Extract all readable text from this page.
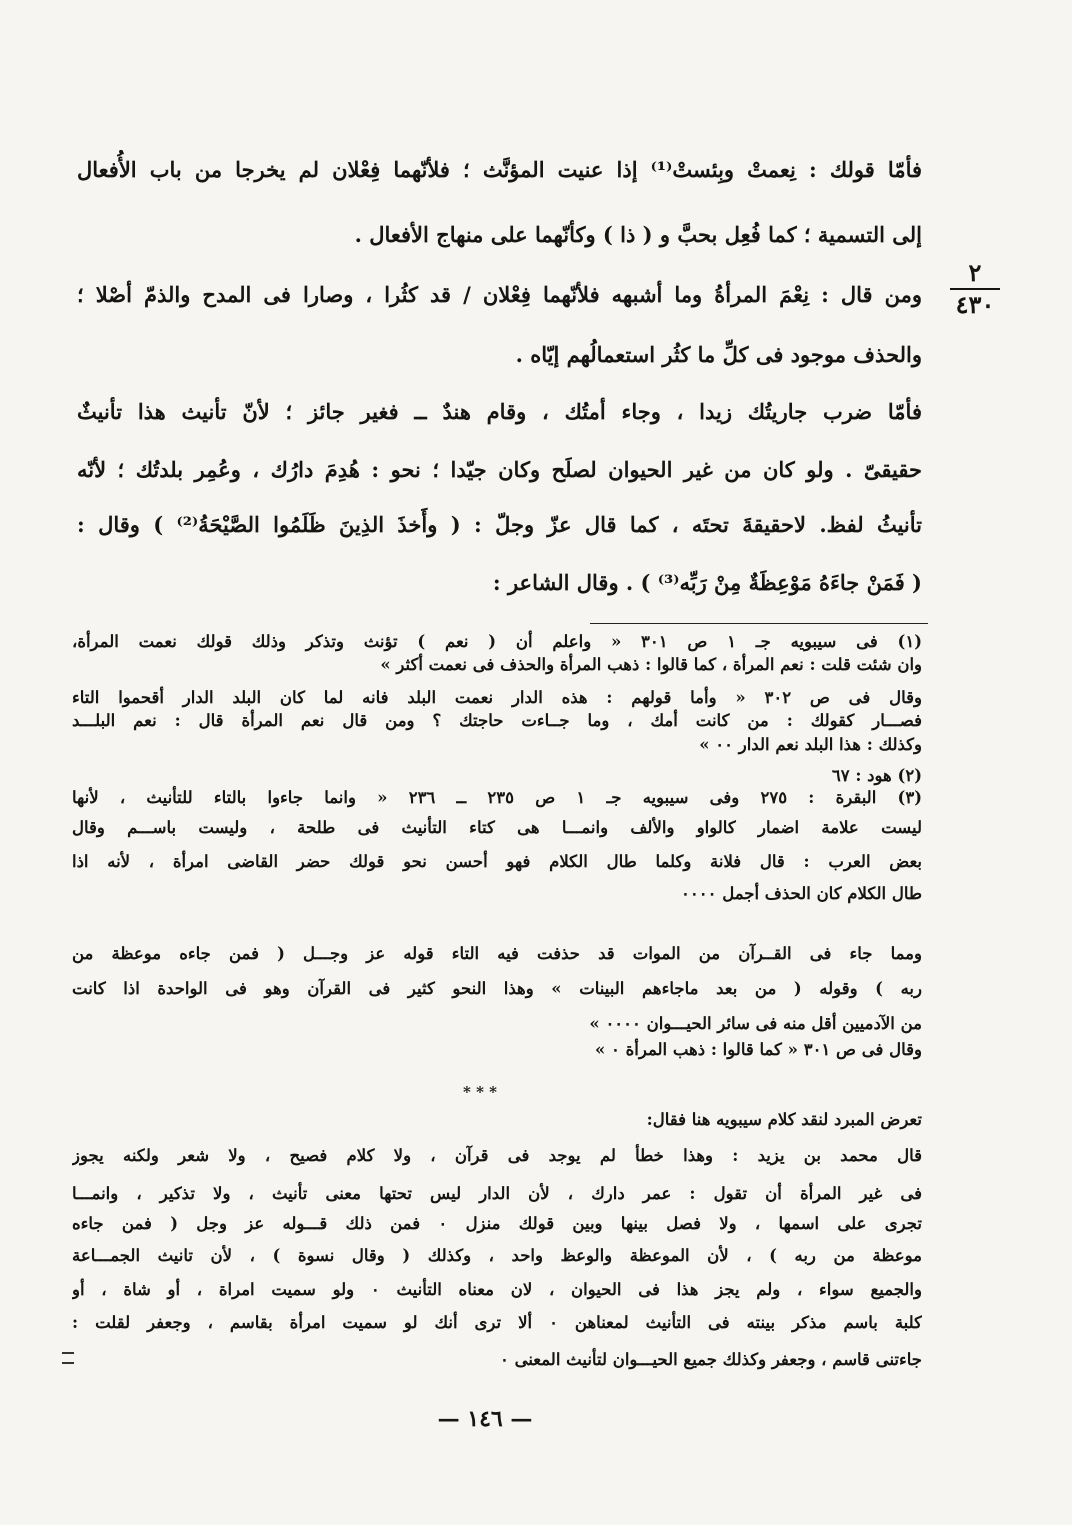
٢
٤٣٠
فأمّا قولك : نِعمتْ وبِئستْ⁽¹⁾ إذا عنيت المؤنَّث ؛ فلأنّهما فِعْلان لم يخرجا من باب الأُفعال
إلى التسمية ؛ كما فُعِل بحبَّ و ( ذا ) وكأنّهما على منهاج الأفعال .
ومن قال : نِعْمَ المرأةُ وما أشبهه فلأنّهما فِعْلان / قد كثُرا ، وصارا فى المدح والذمّ أصْلا ؛
والحذف موجود فى كلِّ ما كثُر استعمالُهم إيّاه .
فأمّا ضرب جاريتُك زيدا ، وجاء أمتُك ، وقام هندٌ ــ فغير جائز ؛ لأنّ تأنيث هذا تأنيثٌ
حقيقىّ . ولو كان من غير الحيوان لصلَح وكان جيّدا ؛ نحو : هُدِمَ دارُك ، وعُمِر بلدتُك ؛ لأنّه
تأنيثُ لفظ. لاحقيقةَ تحتَه ، كما قال عزّ وجلّ : ( وأَخذَ الذِينَ ظَلَمُوا الصَّيْحَةُ⁽²⁾ ) وقال :
( فَمَنْ جاءَهُ مَوْعِظَةٌ مِنْ رَبِّه⁽³⁾ ) . وقال الشاعر :
(١) فى سيبويه جـ ١ ص ٣٠١ « واعلم أن ( نعم ) تؤنث وتذكر وذلك قولك نعمت المرأة،
وان شئت قلت : نعم المرأة ، كما قالوا : ذهب المرأة والحذف فى نعمت أكثر »
وقال فى ص ٣٠٢ « وأما قولهم : هذه الدار نعمت البلد فانه لما كان البلد الدار أقحموا التاء
فصـــار كقولك : من كانت أمك ، وما جــاءت حاجتك ؟ ومن قال نعم المرأة قال : نعم البلـــد
وكذلك : هذا البلد نعم الدار ٠٠ »
(٢) هود : ٦٧
(٣) البقرة : ٢٧٥ وفى سيبويه جـ ١ ص ٢٣٥ ــ ٢٣٦ « وانما جاءوا بالتاء للتأنيث ، لأنها
ليست علامة اضمار كالواو والألف وانمـــا هى كتاء التأنيث فى طلحة ، وليست باســـم وقال
بعض العرب : قال فلانة وكلما طال الكلام فهو أحسن نحو قولك حضر القاضى امرأة ، لأنه اذا
طال الكلام كان الحذف أجمل ٠٠٠٠
ومما جاء فى القــرآن من الموات قد حذفت فيه التاء قوله عز وجـــل ( فمن جاءه موعظة من
ربه ) وقوله ( من بعد ماجاءهم البينات » وهذا النحو كثير فى القرآن وهو فى الواحدة اذا كانت
من الآدميين أقل منه فى سائر الحيـــوان ٠٠٠٠ »
وقال فى ص ٣٠١ « كما قالوا : ذهب المرأة ٠ »
* * *
تعرض المبرد لنقد كلام سيبويه هنا فقال:
قال محمد بن يزيد : وهذا خطأ لم يوجد فى قرآن ، ولا كلام فصيح ، ولا شعر ولكنه يجوز
فى غير المرأة أن تقول : عمر دارك ، لأن الدار ليس تحتها معنى تأنيث ، ولا تذكير ، وانمـــا
تجرى على اسمها ، ولا فصل بينها وبين قولك منزل ٠ فمن ذلك قـــوله عز وجل ( فمن جاءه
موعظة من ربه ) ، لأن الموعظة والوعظ واحد ، وكذلك ( وقال نسوة ) ، لأن تانيث الجمـــاعة
والجميع سواء ، ولم يجز هذا فى الحيوان ، لان معناه التأنيث ٠ ولو سميت امراة ، أو شاة ، أو
كلبة باسم مذكر بينته فى التأنيث لمعناهن ٠ ألا ترى أنك لو سميت امرأة بقاسم ، وجعفر لقلت :
جاءتنى قاسم ، وجعفر وكذلك جميع الحيـــوان لتأنيث المعنى ٠
— ١٤٦ —
